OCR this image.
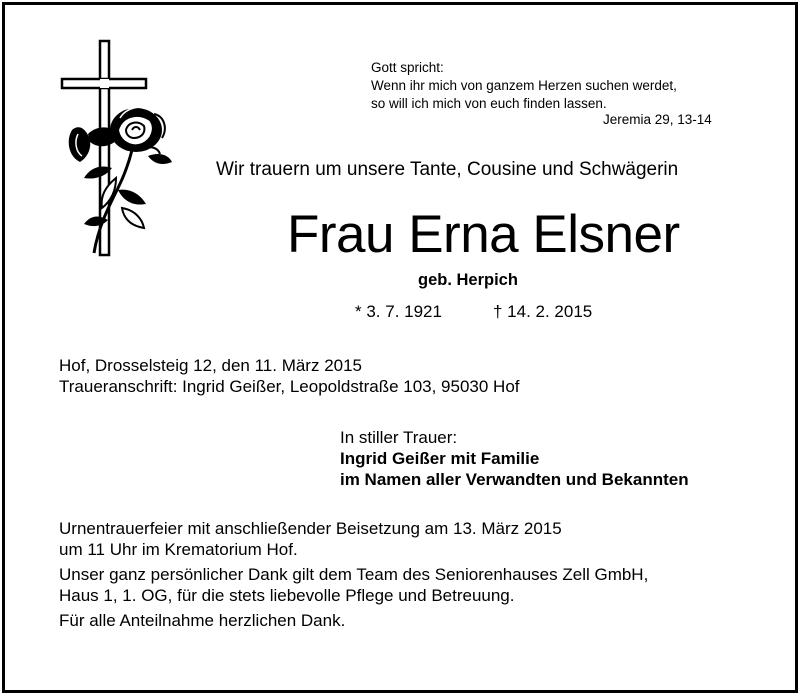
Gott spricht:
Wenn ihr mich von ganzem Herzen suchen werdet,
so will ich mich von euch finden lassen.
Jeremia 29, 13-14
Wir trauern um unsere Tante, Cousine und Schwägerin
Frau Erna Elsner
geb. Herpich
* 3. 7. 1921	† 14. 2. 2015
Hof, Drosselsteig 12, den 11. März 2015
Traueranschrift: Ingrid Geißer, Leopoldstraße 103, 95030 Hof
In stiller Trauer:
Ingrid Geißer mit Familie
im Namen aller Verwandten und Bekannten
Urnentrauerfeier mit anschließender Beisetzung am 13. März 2015
um 11 Uhr im Krematorium Hof.
Unser ganz persönlicher Dank gilt dem Team des Seniorenhauses Zell GmbH,
Haus 1, 1. OG, für die stets liebevolle Pflege und Betreuung.
Für alle Anteilnahme herzlichen Dank.
